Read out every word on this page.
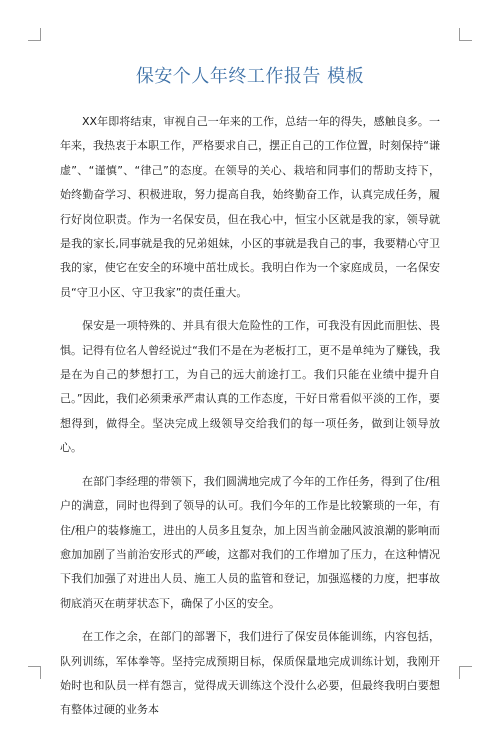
保安个人年终工作报告 模板

XX年即将结束，审视自己一年来的工作，总结一年的得失，感触良多。一年来，我热衷于本职工作，严格要求自己，摆正自己的工作位置，时刻保持“谦虚”、“谨慎”、“律己”的态度。在领导的关心、栽培和同事们的帮助支持下，始终勤奋学习、积极进取，努力提高自我，始终勤奋工作，认真完成任务，履行好岗位职责。作为一名保安员，但在我心中，恒宝小区就是我的家，领导就是我的家长,同事就是我的兄弟姐妹，小区的事就是我自己的事，我要精心守卫我的家，使它在安全的环境中茁壮成长。我明白作为一个家庭成员，一名保安员“守卫小区、守卫我家”的责任重大。

保安是一项特殊的、并具有很大危险性的工作，可我没有因此而胆怯、畏惧。记得有位名人曾经说过“我们不是在为老板打工，更不是单纯为了赚钱，我是在为自己的梦想打工，为自己的远大前途打工。我们只能在业绩中提升自己。”因此，我们必须秉承严肃认真的工作态度，干好日常看似平淡的工作，要想得到，做得全。坚决完成上级领导交给我们的每一项任务，做到让领导放心。

在部门李经理的带领下，我们圆满地完成了今年的工作任务，得到了住/租户的满意，同时也得到了领导的认可。我们今年的工作是比较繁琐的一年，有住/租户的装修施工，进出的人员多且复杂，加上因当前金融风波浪潮的影响而愈加加剧了当前治安形式的严峻，这都对我们的工作增加了压力，在这种情况下我们加强了对进出人员、施工人员的监管和登记，加强巡楼的力度，把事故彻底消灭在萌芽状态下，确保了小区的安全。

在工作之余，在部门的部署下，我们进行了保安员体能训练，内容包括，队列训练，军体拳等。坚持完成预期目标，保质保量地完成训练计划，我刚开始时也和队员一样有怨言，觉得成天训练这个没什么必要，但最终我明白要想有整体过硬的业务本
